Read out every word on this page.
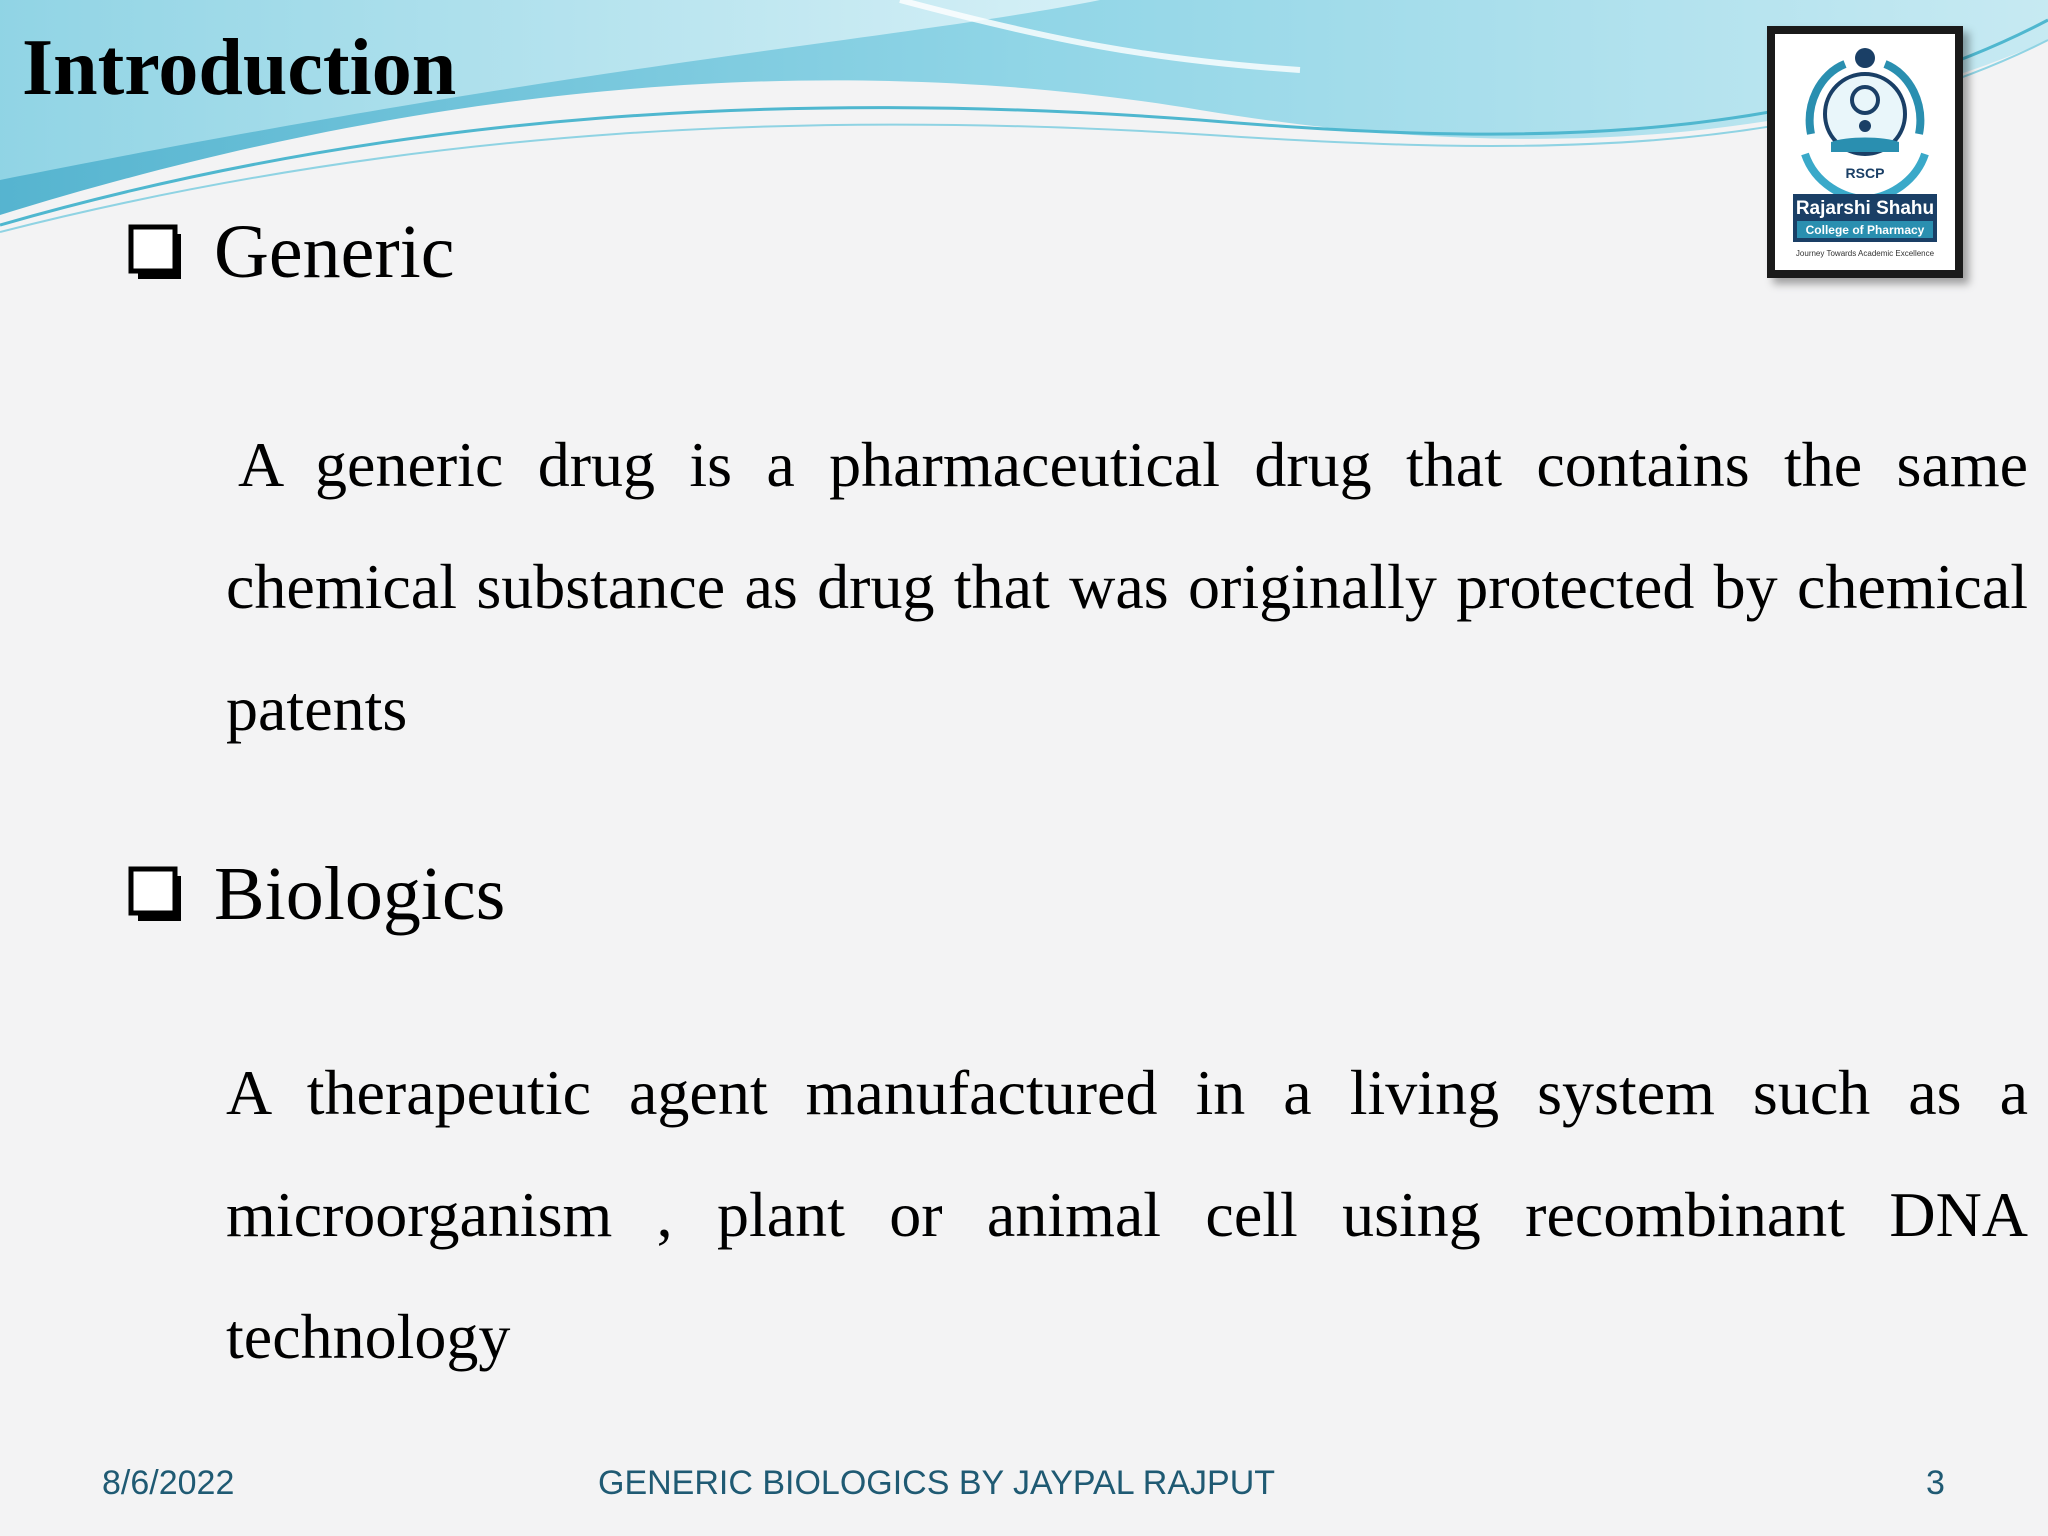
Introduction
RSCP
Rajarshi Shahu
College of Pharmacy
Journey Towards Academic Excellence
Generic

A generic drug is a pharmaceutical drug that contains the same chemical substance as drug that was originally protected by chemical patents

Biologics

A therapeutic agent manufactured in a living system such as a microorganism , plant or animal cell using recombinant DNA technology

8/6/2022	GENERIC BIOLOGICS BY JAYPAL RAJPUT	3
